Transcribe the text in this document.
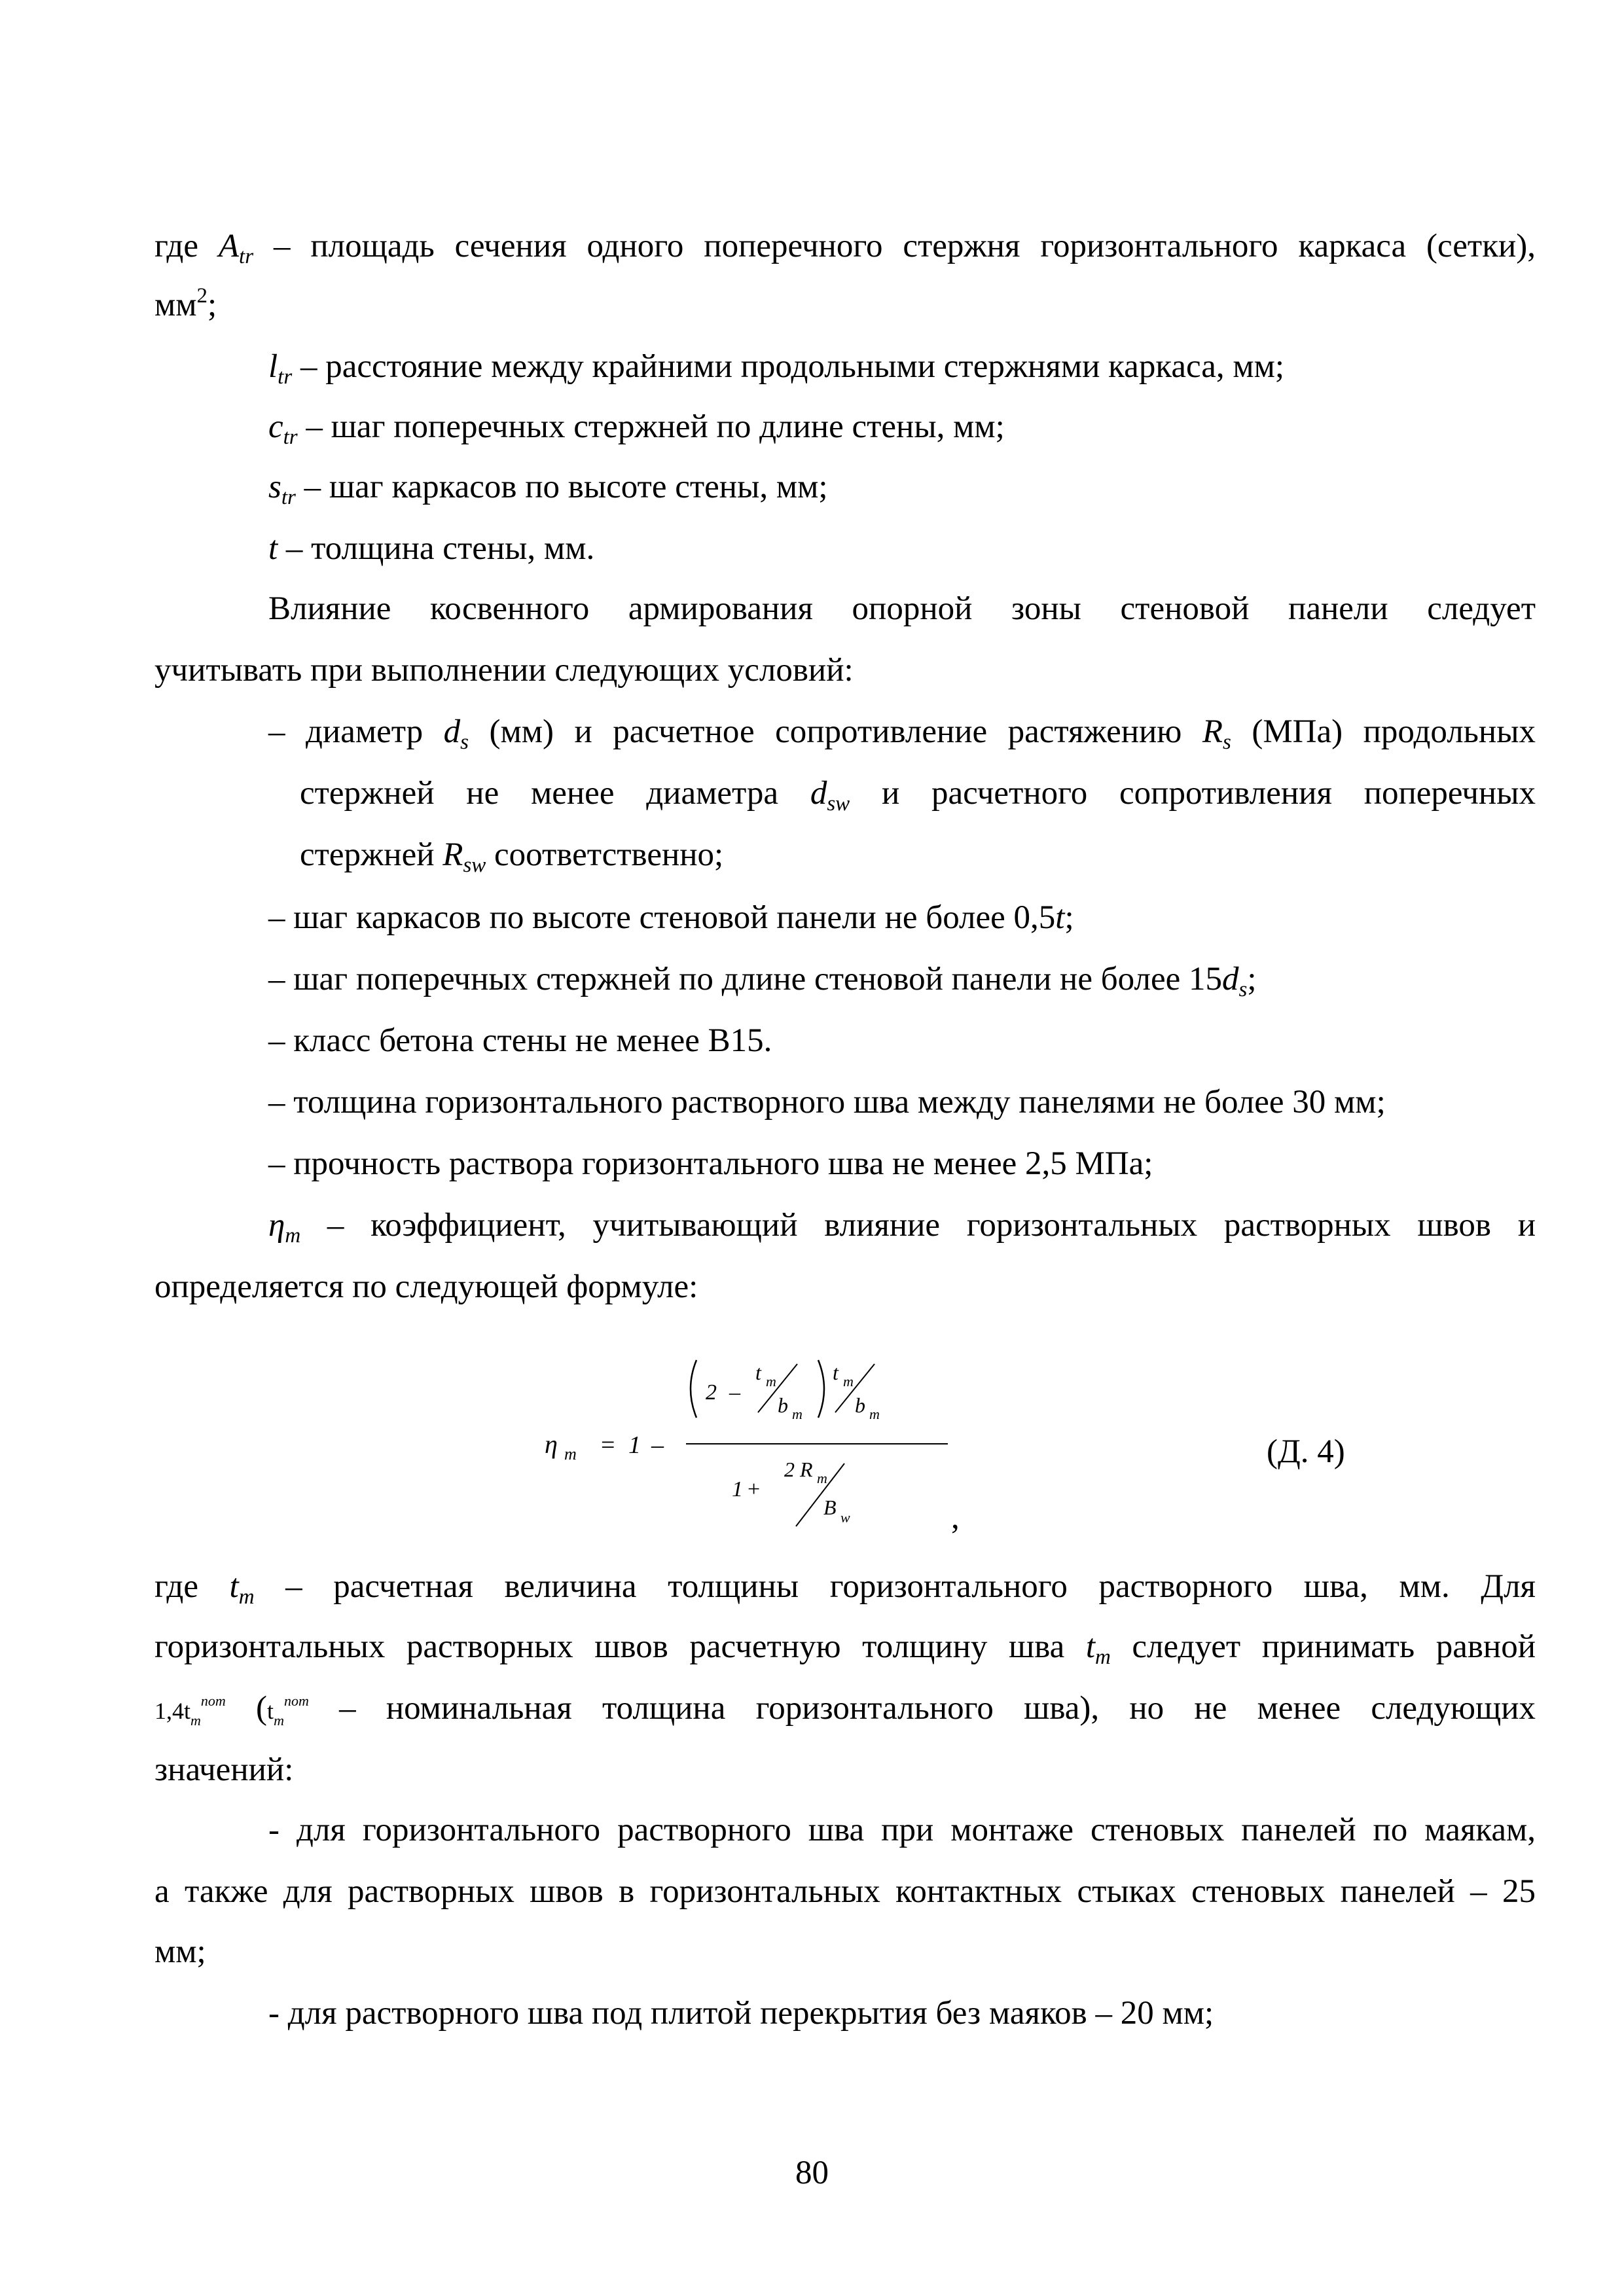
где $A_{tr}$ – площадь сечения одного поперечного стержня горизонтального каркаса (сетки),
$мм^2$;
$l_{tr}$ – расстояние между крайними продольными стержнями каркаса, мм;
$c_{tr}$ – шаг поперечных стержней по длине стены, мм;
$s_{tr}$ – шаг каркасов по высоте стены, мм;
t – толщина стены, мм.
Влияние косвенного армирования опорной зоны стеновой панели следует
учитывать при выполнении следующих условий:
– диаметр $d_s$ (мм) и расчетное сопротивление растяжению $R_s$ (МПа) продольных
стержней не менее диаметра $d_{sw}$ и расчетного сопротивления поперечных
стержней $R_{sw}$ соответственно;
– шаг каркасов по высоте стеновой панели не более 0,5t;
– шаг поперечных стержней по длине стеновой панели не более $15d_s$;
– класс бетона стены не менее В15.
– толщина горизонтального растворного шва между панелями не более 30 мм;
– прочность раствора горизонтального шва не менее 2,5 МПа;
$\eta_m$ – коэффициент, учитывающий влияние горизонтальных растворных швов и
определяется по следующей формуле:
η m = 1 –
2 –
t m
b m
t m
b m
1 +
2 R m
B w
(Д. 4)
,
где $t_m$ – расчетная величина толщины горизонтального растворного шва, мм. Для
горизонтальных растворных швов расчетную толщину шва $t_m$ следует принимать равной
$1,4t_m^{nom}$ ($t_m^{nom}$ – номинальная толщина горизонтального шва), но не менее следующих
значений:
- для горизонтального растворного шва при монтаже стеновых панелей по маякам,
а также для растворных швов в горизонтальных контактных стыках стеновых панелей – 25
мм;
- для растворного шва под плитой перекрытия без маяков – 20 мм;
80
